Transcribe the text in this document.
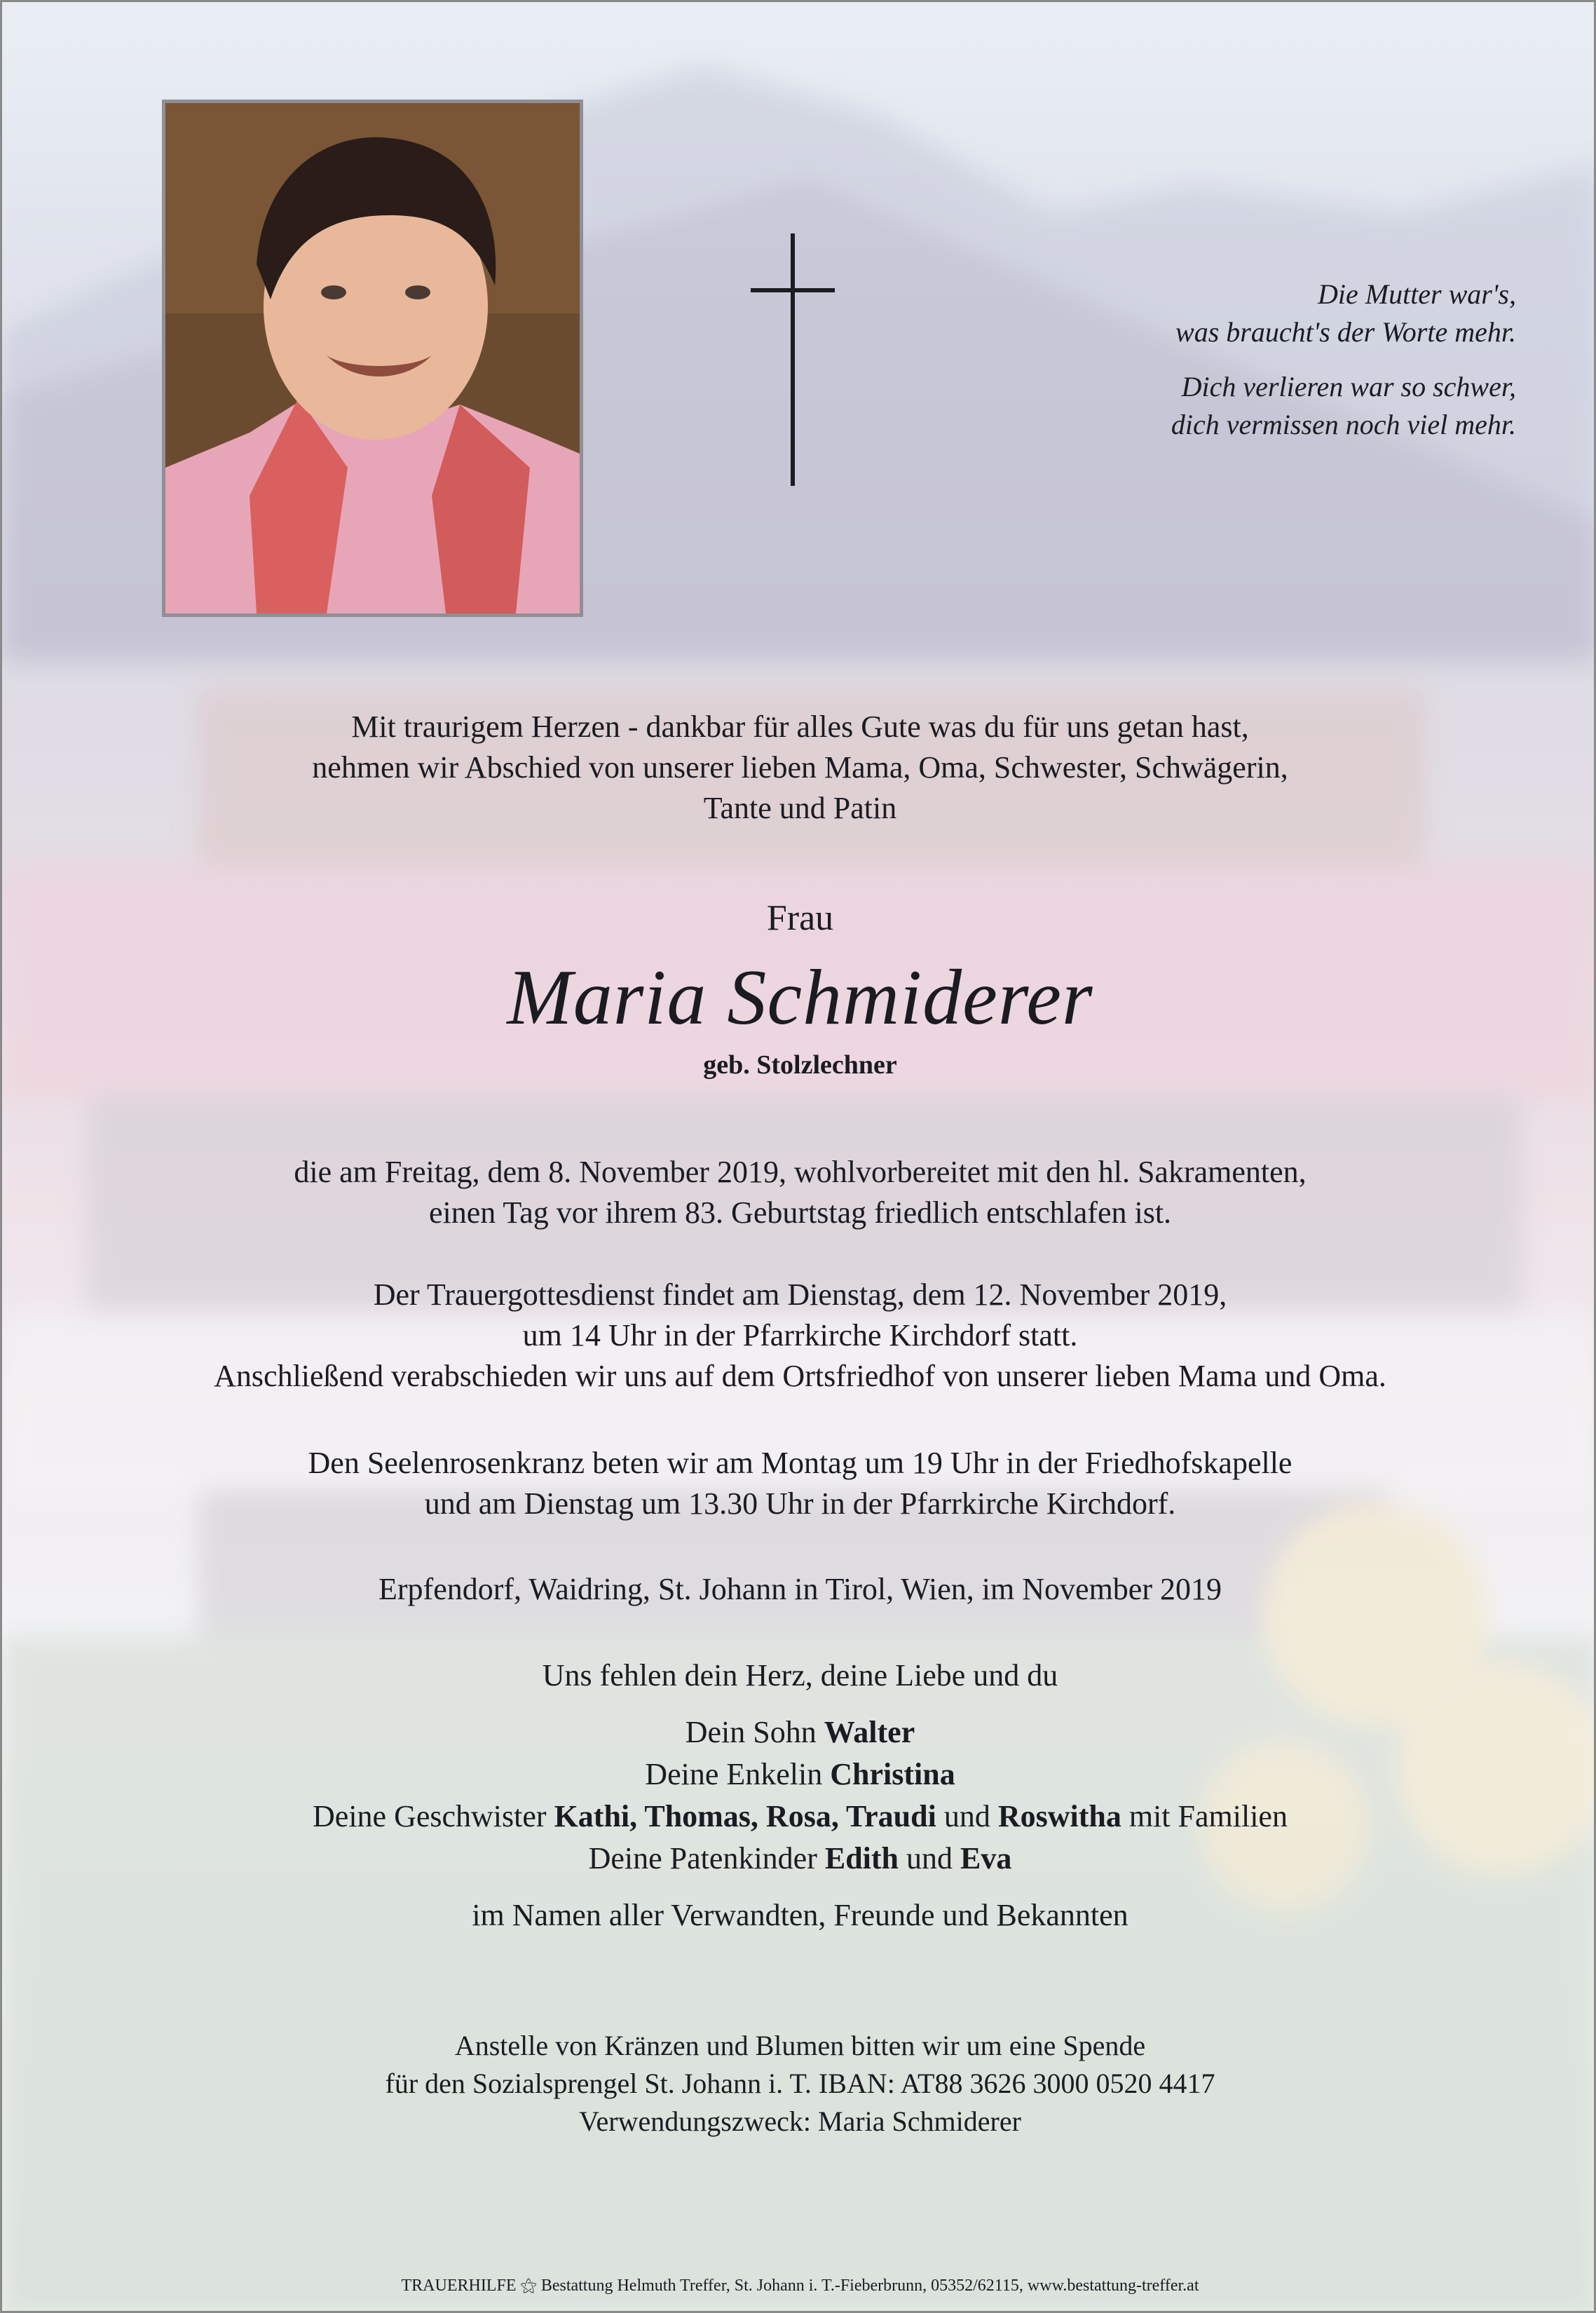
Die Mutter war's,
was braucht's der Worte mehr.

Dich verlieren war so schwer,
dich vermissen noch viel mehr.

Mit traurigem Herzen - dankbar für alles Gute was du für uns getan hast,

nehmen wir Abschied von unserer lieben Mama, Oma, Schwester, Schwägerin,

Tante und Patin

Frau
Maria Schmiderer
geb. Stolzlechner

die am Freitag, dem 8. November 2019, wohlvorbereitet mit den hl. Sakramenten,

einen Tag vor ihrem 83. Geburtstag friedlich entschlafen ist.

Der Trauergottesdienst findet am Dienstag, dem 12. November 2019,

um 14 Uhr in der Pfarrkirche Kirchdorf statt.

Anschließend verabschieden wir uns auf dem Ortsfriedhof von unserer lieben Mama und Oma.

Den Seelenrosenkranz beten wir am Montag um 19 Uhr in der Friedhofskapelle

und am Dienstag um 13.30 Uhr in der Pfarrkirche Kirchdorf.

Erpfendorf, Waidring, St. Johann in Tirol, Wien, im November 2019
Uns fehlen dein Herz, deine Liebe und du

Dein Sohn Walter

Deine Enkelin Christina

Deine Geschwister Kathi, Thomas, Rosa, Traudi und Roswitha mit Familien

Deine Patenkinder Edith und Eva

im Namen aller Verwandten, Freunde und Bekannten

Anstelle von Kränzen und Blumen bitten wir um eine Spende

für den Sozialsprengel St. Johann i. T. IBAN: AT88 3626 3000 0520 4417

Verwendungszweck: Maria Schmiderer

TRAUERHILFE ⚝ Bestattung Helmuth Treffer, St. Johann i. T.-Fieberbrunn, 05352/62115, www.bestattung-treffer.at
